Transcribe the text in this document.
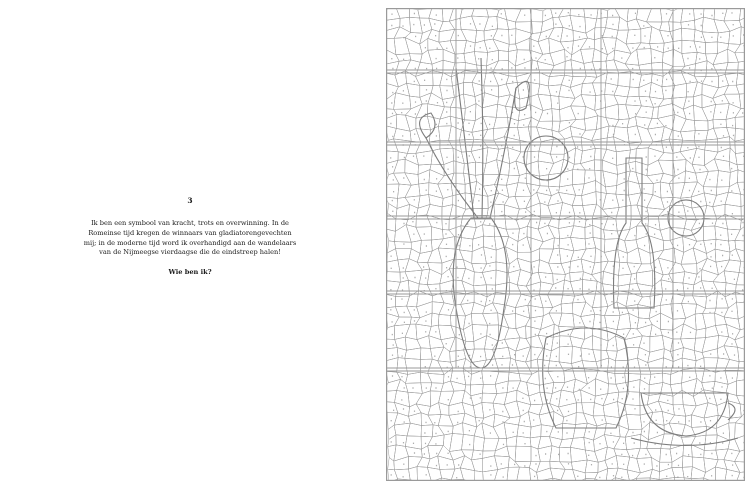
3

Ik ben een symbool van kracht, trots en overwinning. In de
Romeinse tijd kregen de winnaars van gladiatorengevechten
mij; in de moderne tijd word ik overhandigd aan de wandelaars
van de Nijmeegse vierdaagse die de eindstreep halen!

Wie ben ik?
